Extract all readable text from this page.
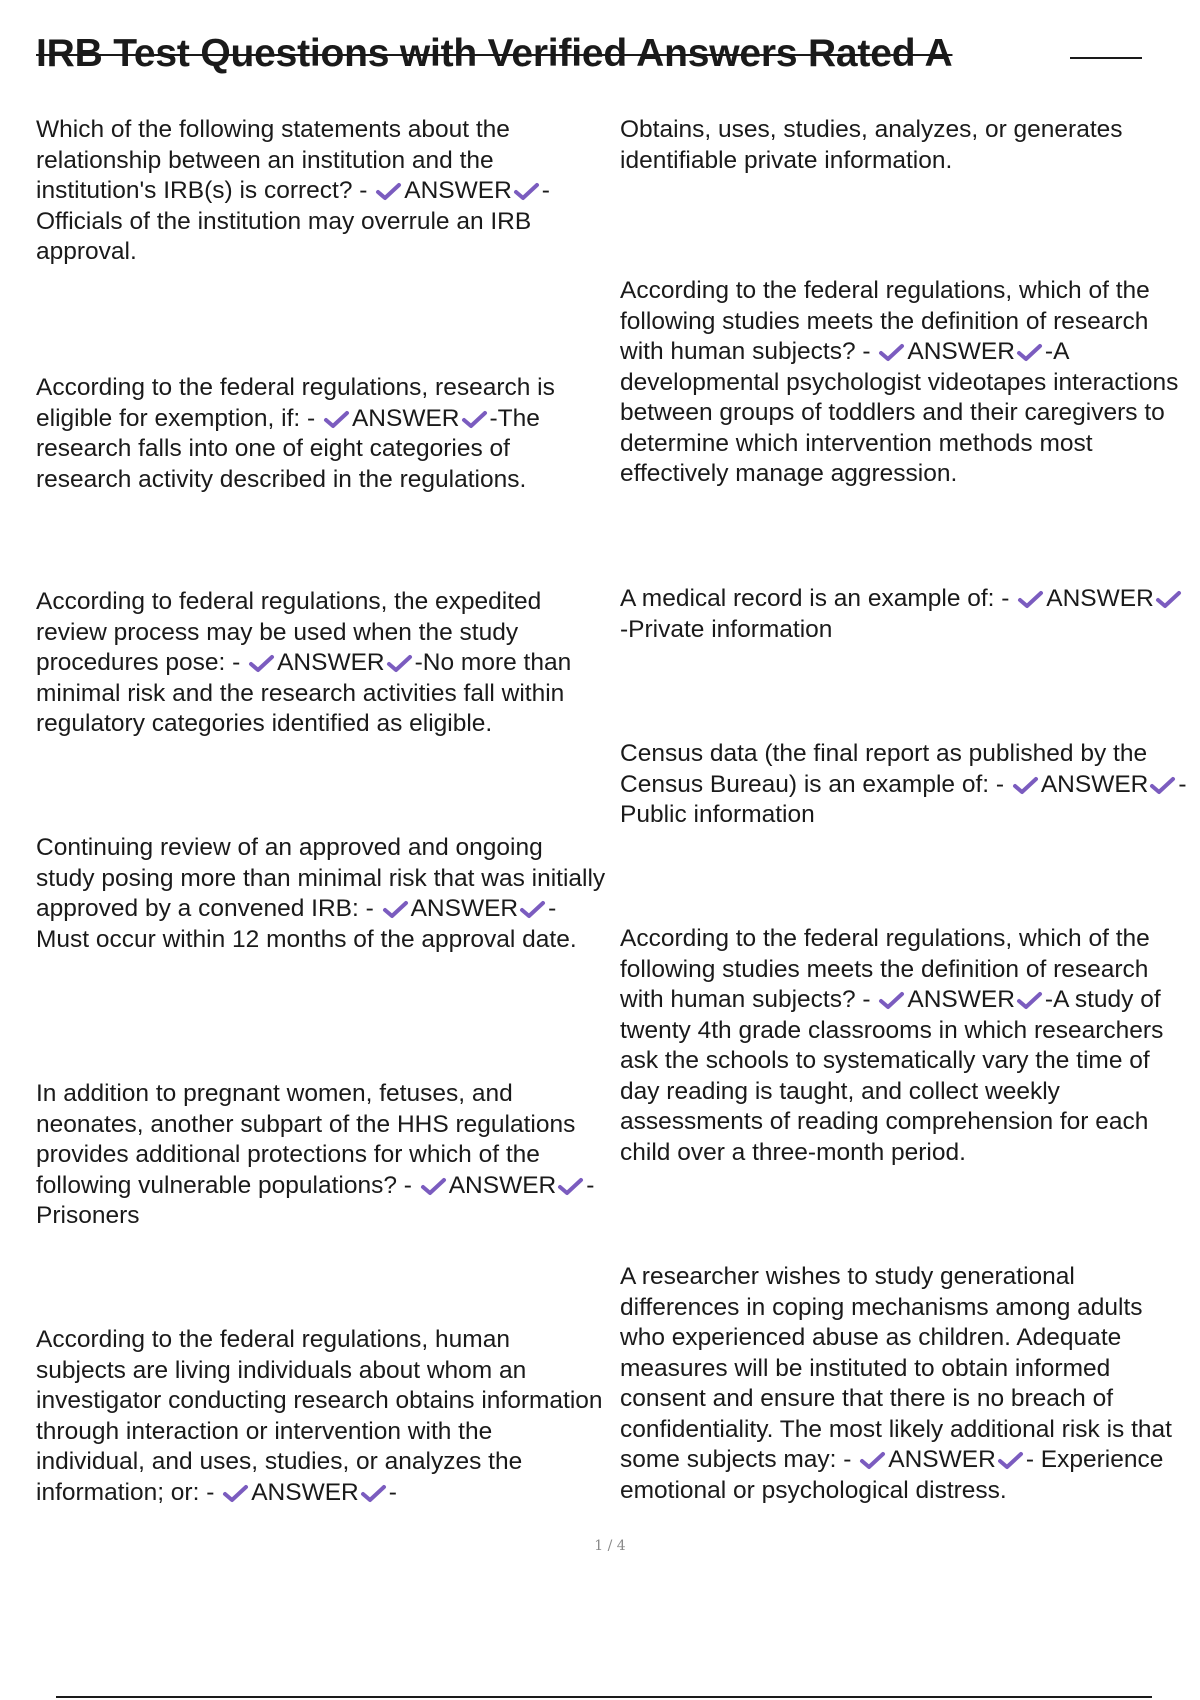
IRB Test Questions with Verified Answers Rated A

Which of the following statements about the relationship between an institution and the institution's IRB(s) is correct? -
ANSWER - Officials of the institution may overrule an IRB approval.

According to the federal regulations, research is eligible for exemption, if: -
ANSWER -The research falls into one of eight categories of research activity described in the regulations.

According to federal regulations, the expedited review process may be used when the study procedures pose: -
ANSWER -No more than minimal risk and the research activities fall within regulatory categories identified as eligible.

Continuing review of an approved and ongoing study posing more than minimal risk that was initially approved by a convened IRB: -
ANSWER -Must occur within 12 months of the approval date.

In addition to pregnant women, fetuses, and neonates, another subpart of the HHS regulations provides additional protections for which of the following vulnerable populations? -
ANSWER -Prisoners

According to the federal regulations, human subjects are living individuals about whom an investigator conducting research obtains information through interaction or intervention with the individual, and uses, studies, or analyzes the information; or: -
ANSWER -

Obtains, uses, studies, analyzes, or generates identifiable private information.

According to the federal regulations, which of the following studies meets the definition of research with human subjects? -
ANSWER -A developmental psychologist videotapes interactions between groups of toddlers and their caregivers to determine which intervention methods most effectively manage aggression.

A medical record is an example of: -
ANSWER
-Private information

Census data (the final report as published by the Census Bureau) is an example of: -
ANSWER -Public information

According to the federal regulations, which of the following studies meets the definition of research with human subjects? -
ANSWER -A study of twenty 4th grade classrooms in which researchers ask the schools to systematically vary the time of day reading is taught, and collect weekly assessments of reading comprehension for each child over a three-month period.

A researcher wishes to study generational differences in coping mechanisms among adults who experienced abuse as children. Adequate measures will be instituted to obtain informed consent and ensure that there is no breach of confidentiality. The most likely additional risk is that some subjects may: -
ANSWER - Experience emotional or psychological distress.

1 / 4
